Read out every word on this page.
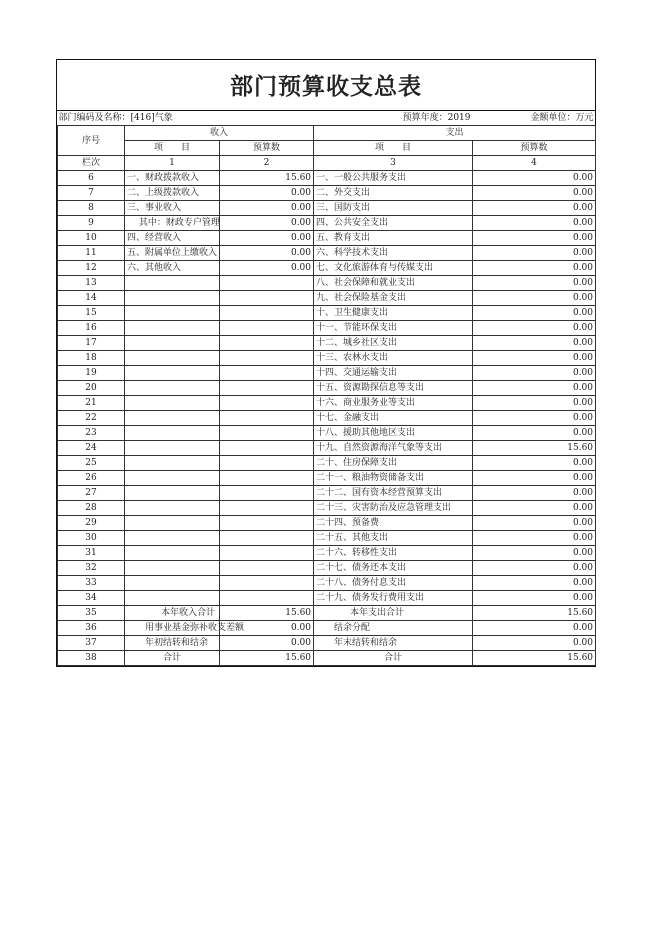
部门预算收支总表
部门编码及名称：[416]气象			预算年度：2019	金额单位：万元
序号	收入		支出	
	项　　目	预算数	项　　目	预算数
栏次	1	2	3	4
6	一、财政拨款收入	15.60	一、一般公共服务支出	0.00
7	二、上级拨款收入	0.00	二、外交支出	0.00
8	三、事业收入	0.00	三、国防支出	0.00
9	　 其中：财政专户管理	0.00	四、公共安全支出	0.00
10	四、经营收入	0.00	五、教育支出	0.00
11	五、附属单位上缴收入	0.00	六、科学技术支出	0.00
12	六、其他收入	0.00	七、文化旅游体育与传媒支出	0.00
13			八、社会保障和就业支出	0.00
14			九、社会保险基金支出	0.00
15			十、卫生健康支出	0.00
16			十一、节能环保支出	0.00
17			十二、城乡社区支出	0.00
18			十三、农林水支出	0.00
19			十四、交通运输支出	0.00
20			十五、资源勘探信息等支出	0.00
21			十六、商业服务业等支出	0.00
22			十七、金融支出	0.00
23			十八、援助其他地区支出	0.00
24			十九、自然资源海洋气象等支出	15.60
25			二十、住房保障支出	0.00
26			二十一、粮油物资储备支出	0.00
27			二十二、国有资本经营预算支出	0.00
28			二十三、灾害防治及应急管理支出	0.00
29			二十四、预备费	0.00
30			二十五、其他支出	0.00
31			二十六、转移性支出	0.00
32			二十七、债务还本支出	0.00
33			二十八、债务付息支出	0.00
34			二十九、债务发行费用支出	0.00
35	本年收入合计	15.60	本年支出合计	15.60
36	用事业基金弥补收支差额	0.00	结余分配	0.00
37	年初结转和结余	0.00	年末结转和结余	0.00
38	合计	15.60	合计	15.60
